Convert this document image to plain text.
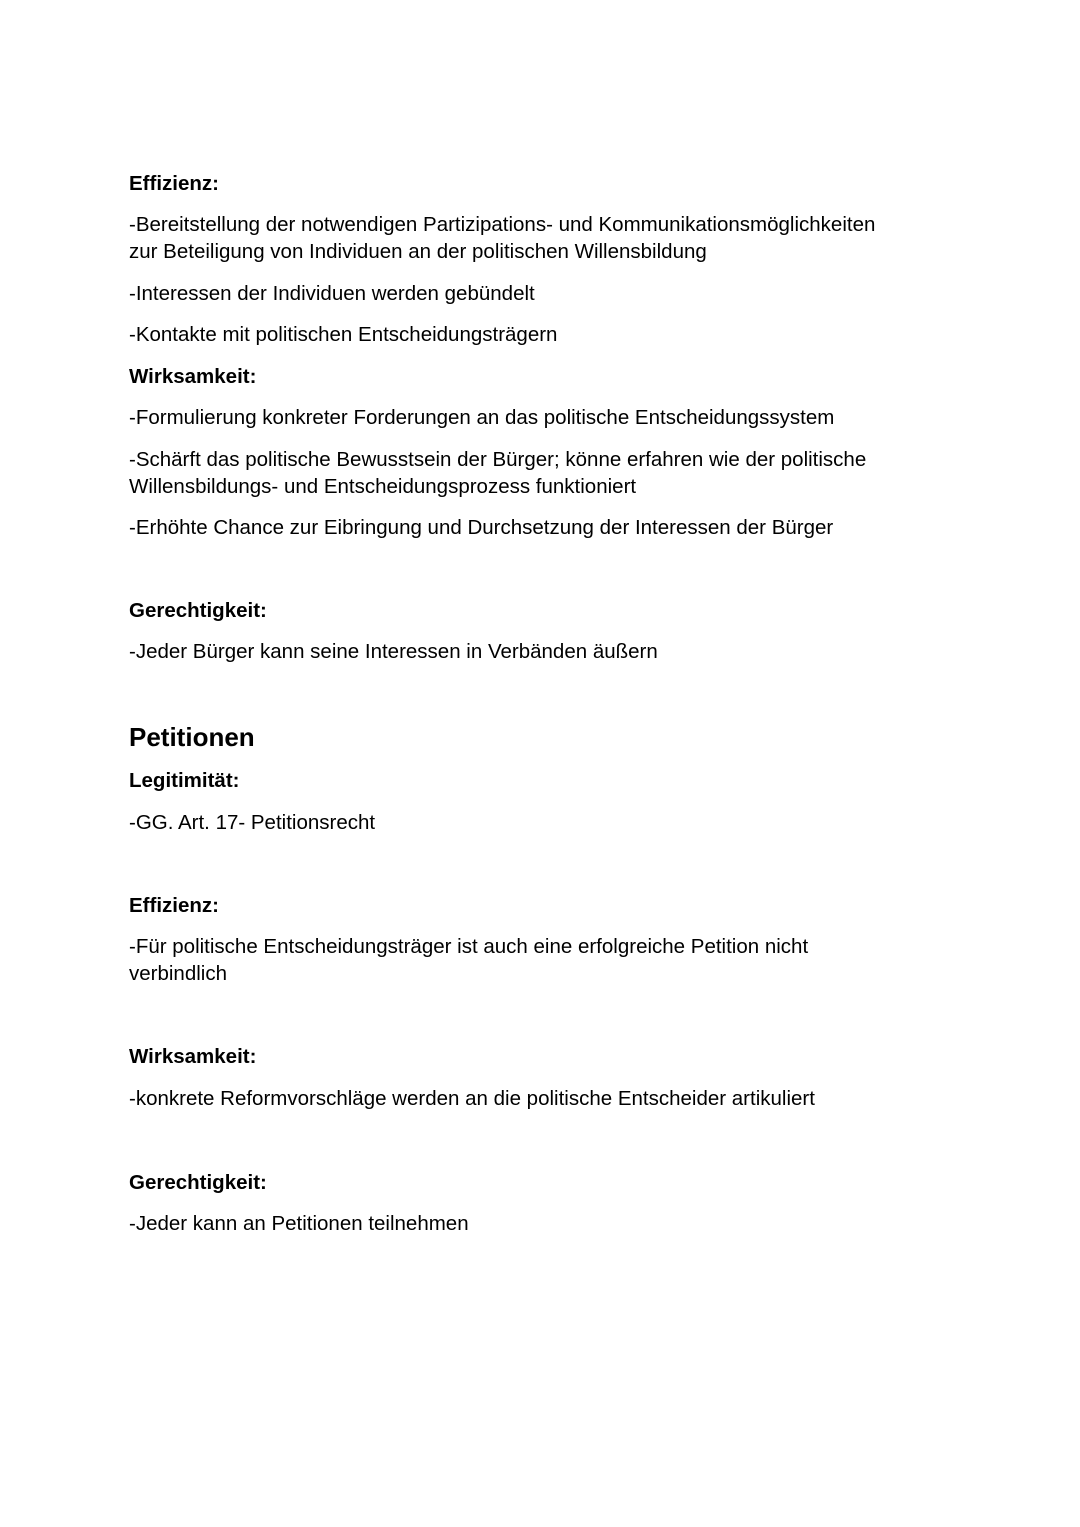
Effizienz:

-Bereitstellung der notwendigen Partizipations- und Kommunikationsmöglichkeiten

zur Beteiligung von Individuen an der politischen Willensbildung

-Interessen der Individuen werden gebündelt

-Kontakte mit politischen Entscheidungsträgern

Wirksamkeit:

-Formulierung konkreter Forderungen an das politische Entscheidungssystem

-Schärft das politische Bewusstsein der Bürger; könne erfahren wie der politische

Willensbildungs- und Entscheidungsprozess funktioniert

-Erhöhte Chance zur Eibringung und Durchsetzung der Interessen der Bürger

Gerechtigkeit:

-Jeder Bürger kann seine Interessen in Verbänden äußern

Petitionen

Legitimität:

-GG. Art. 17- Petitionsrecht

Effizienz:

-Für politische Entscheidungsträger ist auch eine erfolgreiche Petition nicht

verbindlich

Wirksamkeit:

-konkrete Reformvorschläge werden an die politische Entscheider artikuliert

Gerechtigkeit:

-Jeder kann an Petitionen teilnehmen
